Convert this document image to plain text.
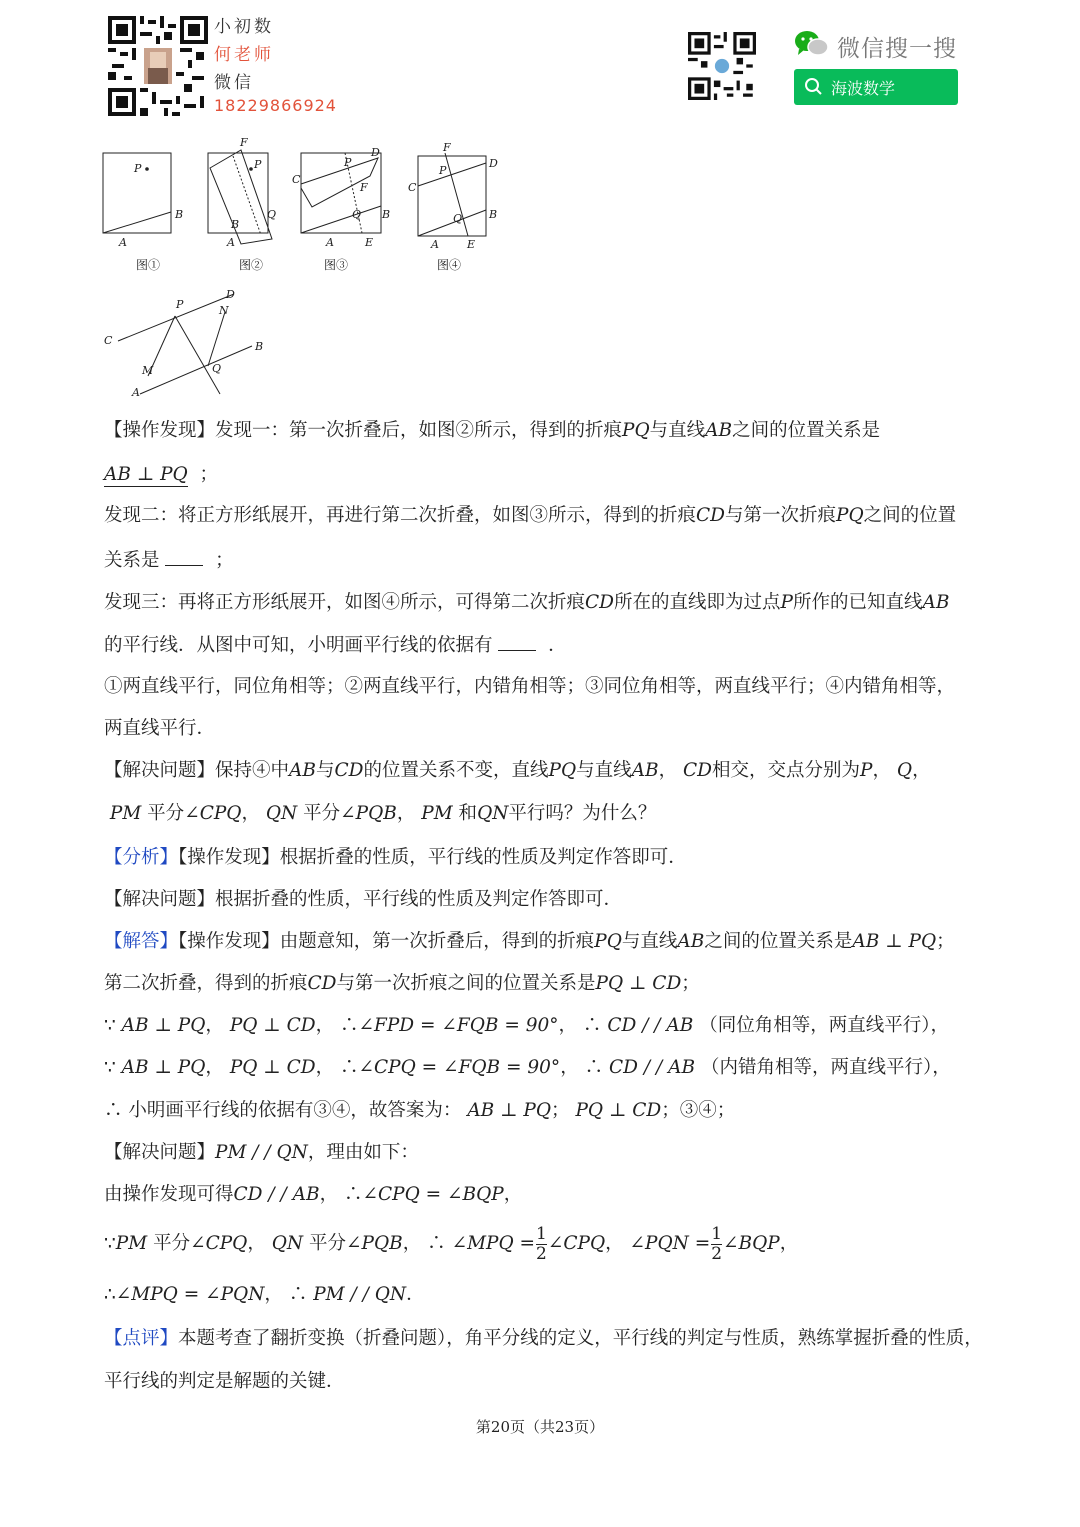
小初数
何老师
微信
18229866924
微信搜一搜
海波数学
P
B
A
图①
F
P
Q
B
A
图②
P
D
C
F
Q B
A	E
图③
F
D
P
C
Q B
A	E
图④
P
D
N
C	B
Q
M
A
【操作发现】发现一：第一次折叠后，如图②所示，得到的折痕PQ与直线AB之间的位置关系是
AB ⊥ PQ ；
发现二：将正方形纸展开，再进行第二次折叠，如图③所示，得到的折痕CD与第一次折痕PQ之间的位置
关系是	；
发现三：再将正方形纸展开，如图④所示，可得第二次折痕CD所在的直线即为过点P所作的已知直线AB
的平行线．从图中可知，小明画平行线的依据有	．
①两直线平行，同位角相等；②两直线平行，内错角相等；③同位角相等，两直线平行；④内错角相等，
两直线平行．
【解决问题】保持④中AB与CD的位置关系不变，直线PQ与直线AB， CD相交，交点分别为P， Q，
PM 平分∠CPQ， QN 平分∠PQB， PM 和QN平行吗？为什么？
【分析】【操作发现】根据折叠的性质，平行线的性质及判定作答即可．
【解决问题】根据折叠的性质，平行线的性质及判定作答即可．
【解答】【操作发现】由题意知，第一次折叠后，得到的折痕PQ与直线AB之间的位置关系是AB ⊥ PQ；
第二次折叠，得到的折痕CD与第一次折痕之间的位置关系是PQ ⊥ CD；
∵ AB ⊥ PQ， PQ ⊥ CD， ∴∠FPD = ∠FQB = 90°， ∴ CD / / AB （同位角相等，两直线平行），
∵ AB ⊥ PQ， PQ ⊥ CD， ∴∠CPQ = ∠FQB = 90°， ∴ CD / / AB （内错角相等，两直线平行），
∴ 小明画平行线的依据有③④，故答案为： AB ⊥ PQ； PQ ⊥ CD；③④；
【解决问题】PM / / QN，理由如下：
由操作发现可得CD / / AB， ∴∠CPQ = ∠BQP，
∵PM 平分∠CPQ， QN 平分∠PQB， ∴ ∠MPQ = $\frac{1}{2}$ ∠CPQ， ∠PQN = $\frac{1}{2}$ ∠BQP，
∴∠MPQ = ∠PQN， ∴ PM / / QN．
【点评】本题考查了翻折变换（折叠问题），角平分线的定义，平行线的判定与性质，熟练掌握折叠的性质，
平行线的判定是解题的关键．
第20页（共23页）
